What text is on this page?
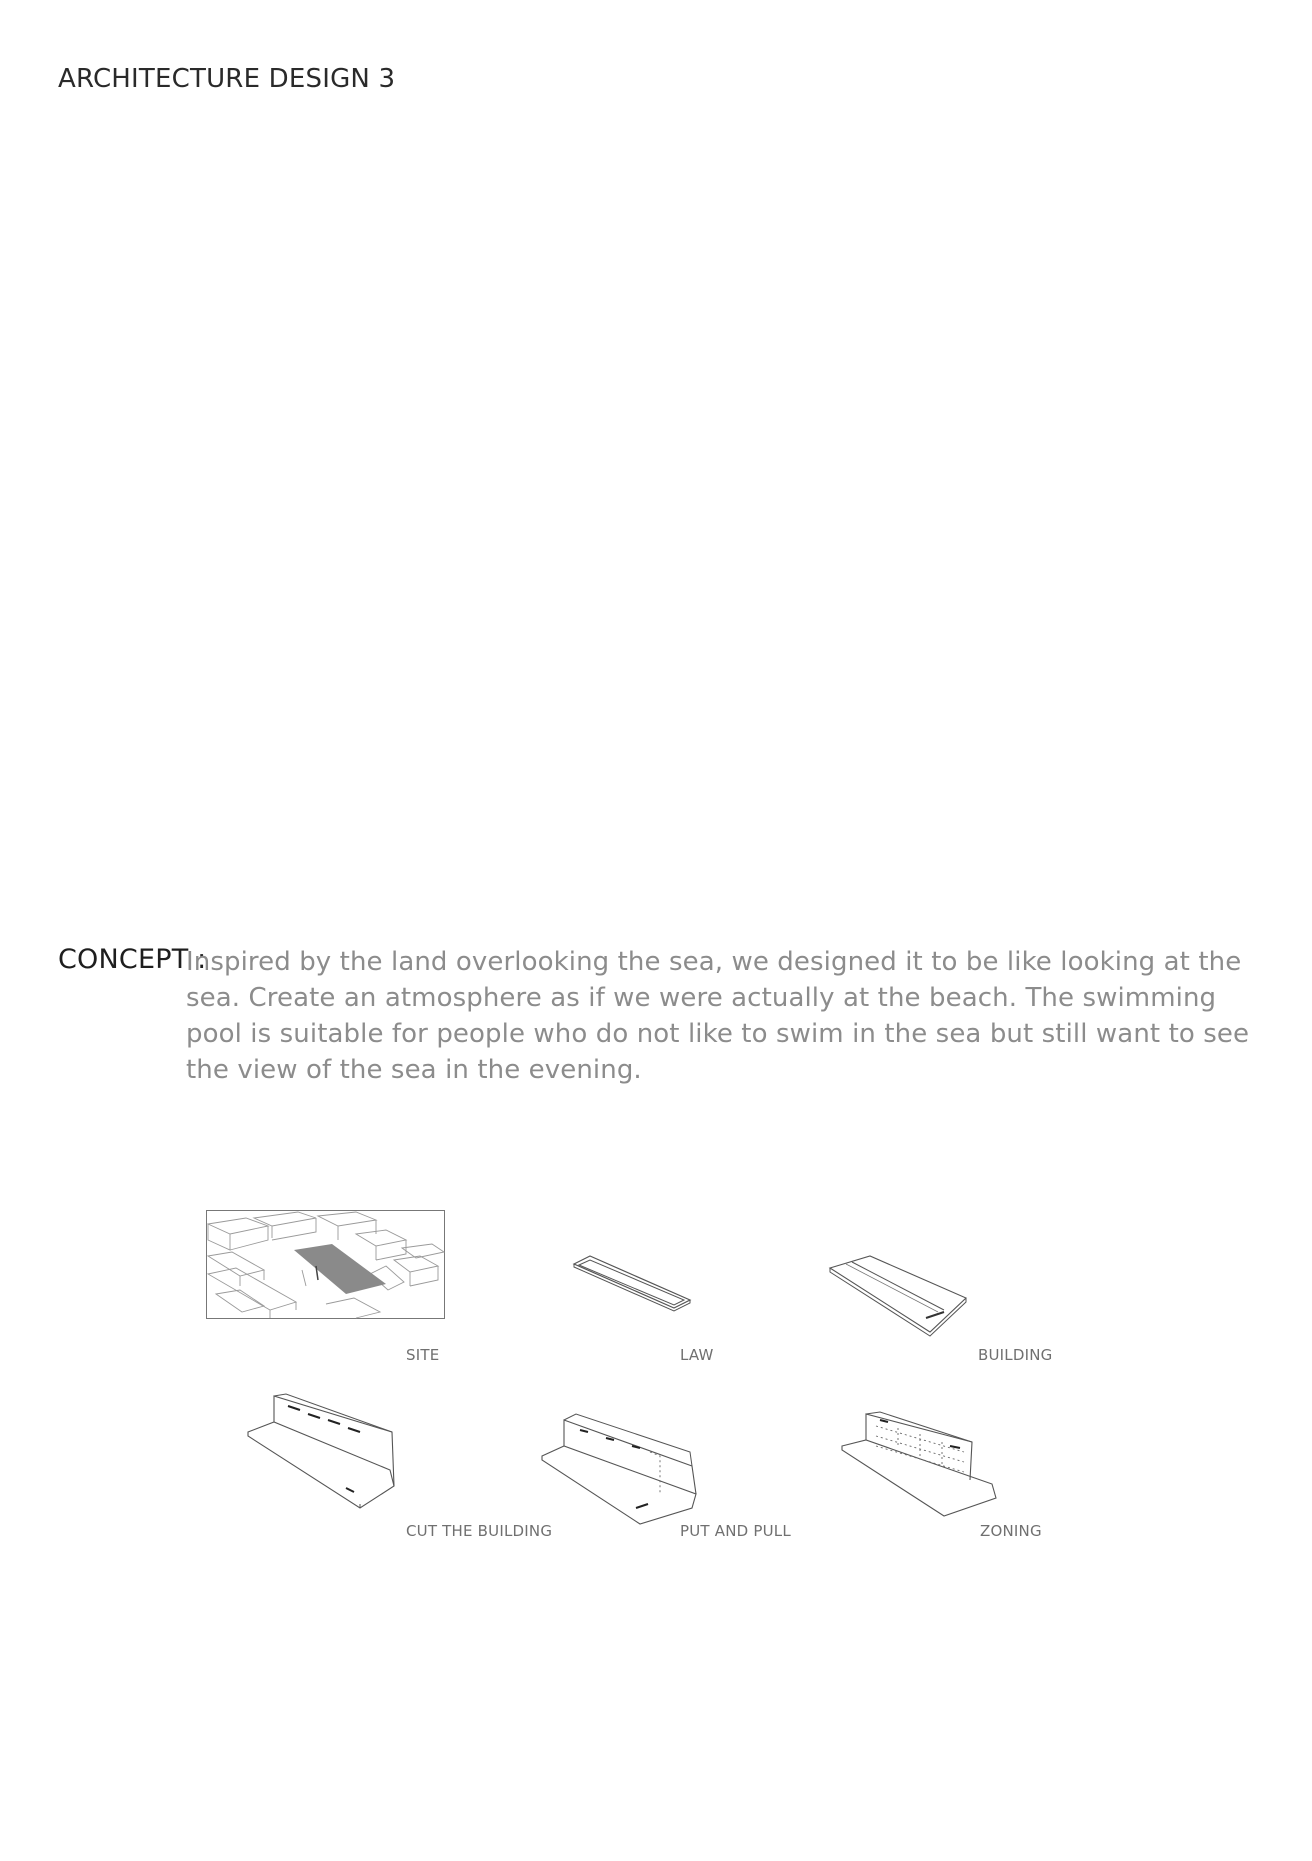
ARCHITECTURE DESIGN 3
CONCEPT :

Inspired by the land overlooking the sea, we designed it to be like looking at the sea. Create an atmosphere as if we were actually at the beach. The swimming pool is suitable for people who do not like to swim in the sea but still want to see the view of the sea in the evening.

SITE	LAW	BUILDING
CUT THE BUILDING	PUT AND PULL	ZONING
